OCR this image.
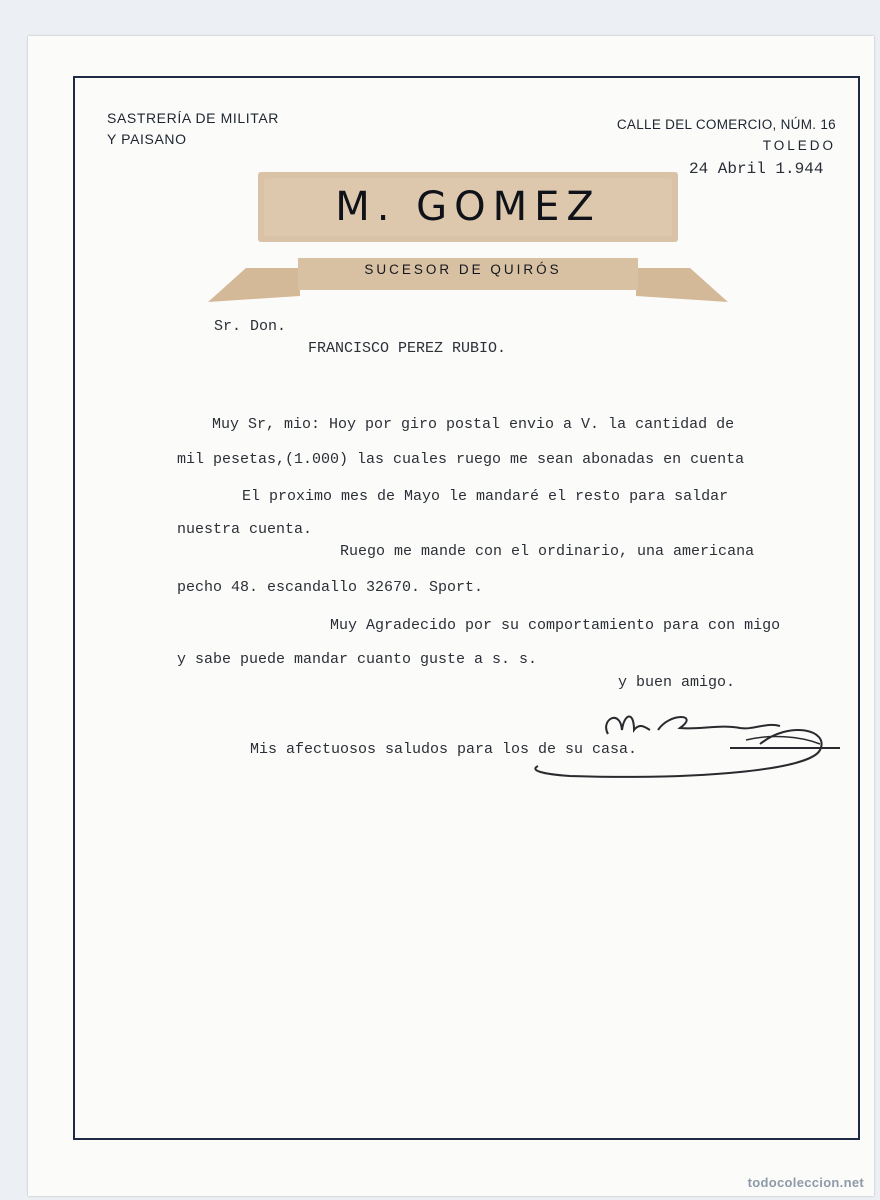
SASTRERÍA DE MILITAR
Y PAISANO
CALLE DEL COMERCIO, NÚM. 16
TOLEDO
24 Abril 1.944
M. GOMEZ
SUCESOR DE QUIRÓS
Sr. Don.
FRANCISCO PEREZ RUBIO.
Muy Sr, mio: Hoy por giro postal envio a V. la cantidad de
mil pesetas,(1.000) las cuales ruego me sean abonadas en cuenta
El proximo mes de Mayo le mandaré el resto para saldar
nuestra cuenta.
Ruego me mande con el ordinario, una americana
pecho 48. escandallo 32670. Sport.
Muy Agradecido por su comportamiento para con migo
y sabe puede mandar cuanto guste a s. s.
y buen amigo.
Mis afectuosos saludos para los de su casa.
todocoleccion.net
